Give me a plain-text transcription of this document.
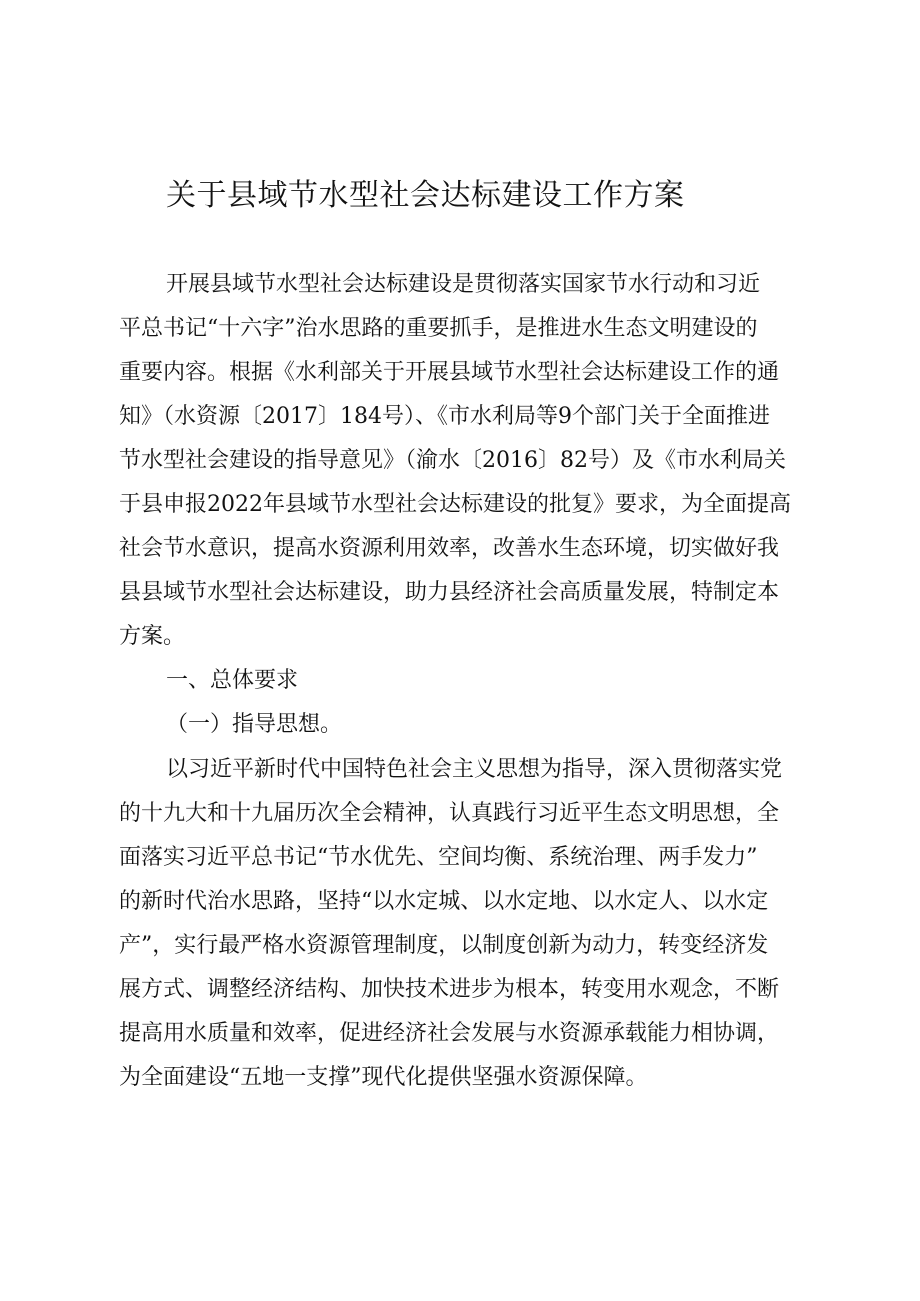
关于县域节水型社会达标建设工作方案

开展县域节水型社会达标建设是贯彻落实国家节水行动和习近

平总书记“十六字”治水思路的重要抓手，是推进水生态文明建设的

重要内容。根据《水利部关于开展县域节水型社会达标建设工作的通

知》（水资源〔2017〕184号）、《市水利局等9个部门关于全面推进

节水型社会建设的指导意见》（渝水〔2016〕82号）及《市水利局关

于县申报2022年县域节水型社会达标建设的批复》要求，为全面提高

社会节水意识，提高水资源利用效率，改善水生态环境，切实做好我

县县域节水型社会达标建设，助力县经济社会高质量发展，特制定本

方案。

一、总体要求

（一）指导思想。

以习近平新时代中国特色社会主义思想为指导，深入贯彻落实党

的十九大和十九届历次全会精神，认真践行习近平生态文明思想，全

面落实习近平总书记“节水优先、空间均衡、系统治理、两手发力”

的新时代治水思路，坚持“以水定城、以水定地、以水定人、以水定

产”，实行最严格水资源管理制度，以制度创新为动力，转变经济发

展方式、调整经济结构、加快技术进步为根本，转变用水观念，不断

提高用水质量和效率，促进经济社会发展与水资源承载能力相协调，

为全面建设“五地一支撑”现代化提供坚强水资源保障。
